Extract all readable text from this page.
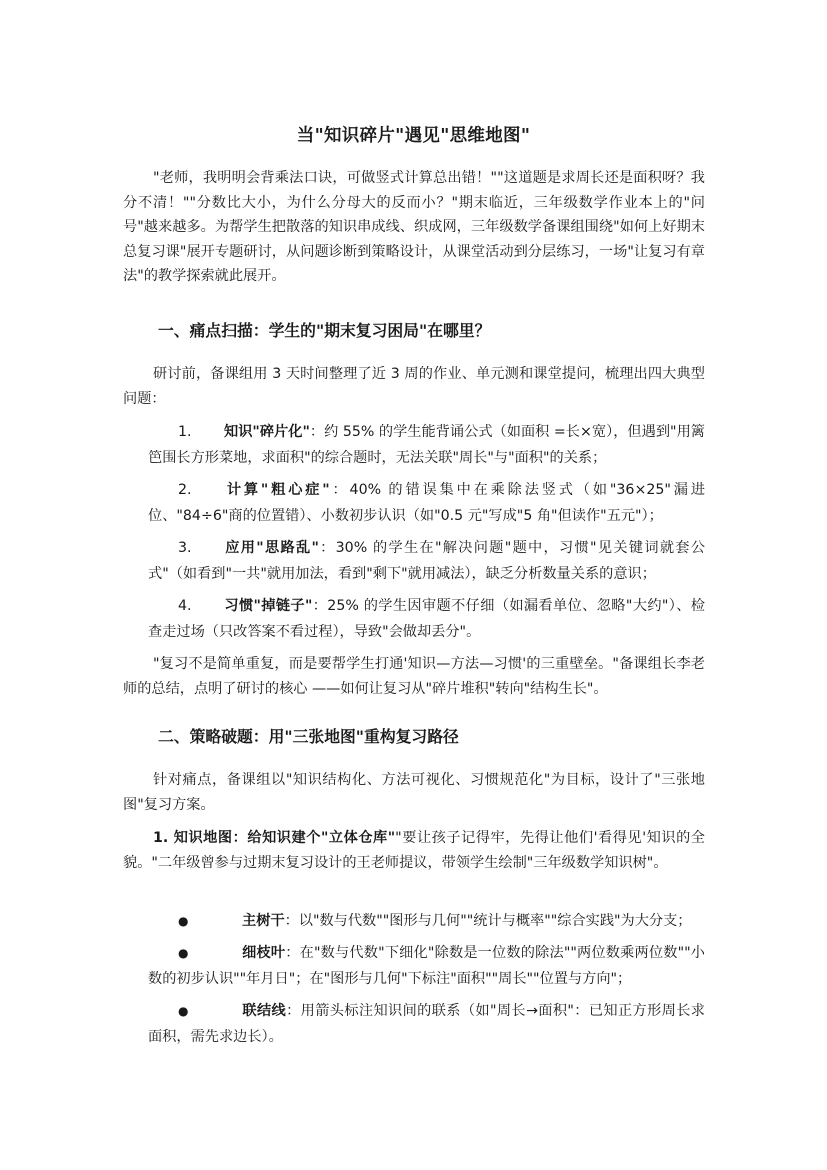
当"知识碎片"遇见"思维地图"

"老师，我明明会背乘法口诀，可做竖式计算总出错！""这道题是求周长还是面积呀？我分不清！""分数比大小，为什么分母大的反而小？"期末临近，三年级数学作业本上的"问号"越来越多。为帮学生把散落的知识串成线、织成网，三年级数学备课组围绕"如何上好期末总复习课"展开专题研讨，从问题诊断到策略设计，从课堂活动到分层练习，一场"让复习有章法"的教学探索就此展开。

一、痛点扫描：学生的"期末复习困局"在哪里？

研讨前，备课组用 3 天时间整理了近 3 周的作业、单元测和课堂提问，梳理出四大典型问题：

1. 知识"碎片化"：约 55% 的学生能背诵公式（如面积 =长×宽），但遇到"用篱笆围长方形菜地，求面积"的综合题时，无法关联"周长"与"面积"的关系；

2. 计算"粗心症"：40% 的错误集中在乘除法竖式（如"36×25"漏进位、"84÷6"商的位置错）、小数初步认识（如"0.5 元"写成"5 角"但读作"五元"）；

3. 应用"思路乱"：30% 的学生在"解决问题"题中，习惯"见关键词就套公式"（如看到"一共"就用加法，看到"剩下"就用减法），缺乏分析数量关系的意识；

4. 习惯"掉链子"：25% 的学生因审题不仔细（如漏看单位、忽略"大约"）、检查走过场（只改答案不看过程），导致"会做却丢分"。

"复习不是简单重复，而是要帮学生打通'知识—方法—习惯'的三重壁垒。"备课组长李老师的总结，点明了研讨的核心 ——如何让复习从"碎片堆积"转向"结构生长"。

二、策略破题：用"三张地图"重构复习路径

针对痛点，备课组以"知识结构化、方法可视化、习惯规范化"为目标，设计了"三张地图"复习方案。

1. 知识地图：给知识建个"立体仓库""要让孩子记得牢，先得让他们'看得见'知识的全貌。"二年级曾参与过期末复习设计的王老师提议，带领学生绘制"三年级数学知识树"。

●	主树干：以"数与代数""图形与几何""统计与概率""综合实践"为大分支；

●	细枝叶：在"数与代数"下细化"除数是一位数的除法""两位数乘两位数""小数的初步认识""年月日"；在"图形与几何"下标注"面积""周长""位置与方向"；

●	联结线：用箭头标注知识间的联系（如"周长→面积"：已知正方形周长求面积，需先求边长）。
